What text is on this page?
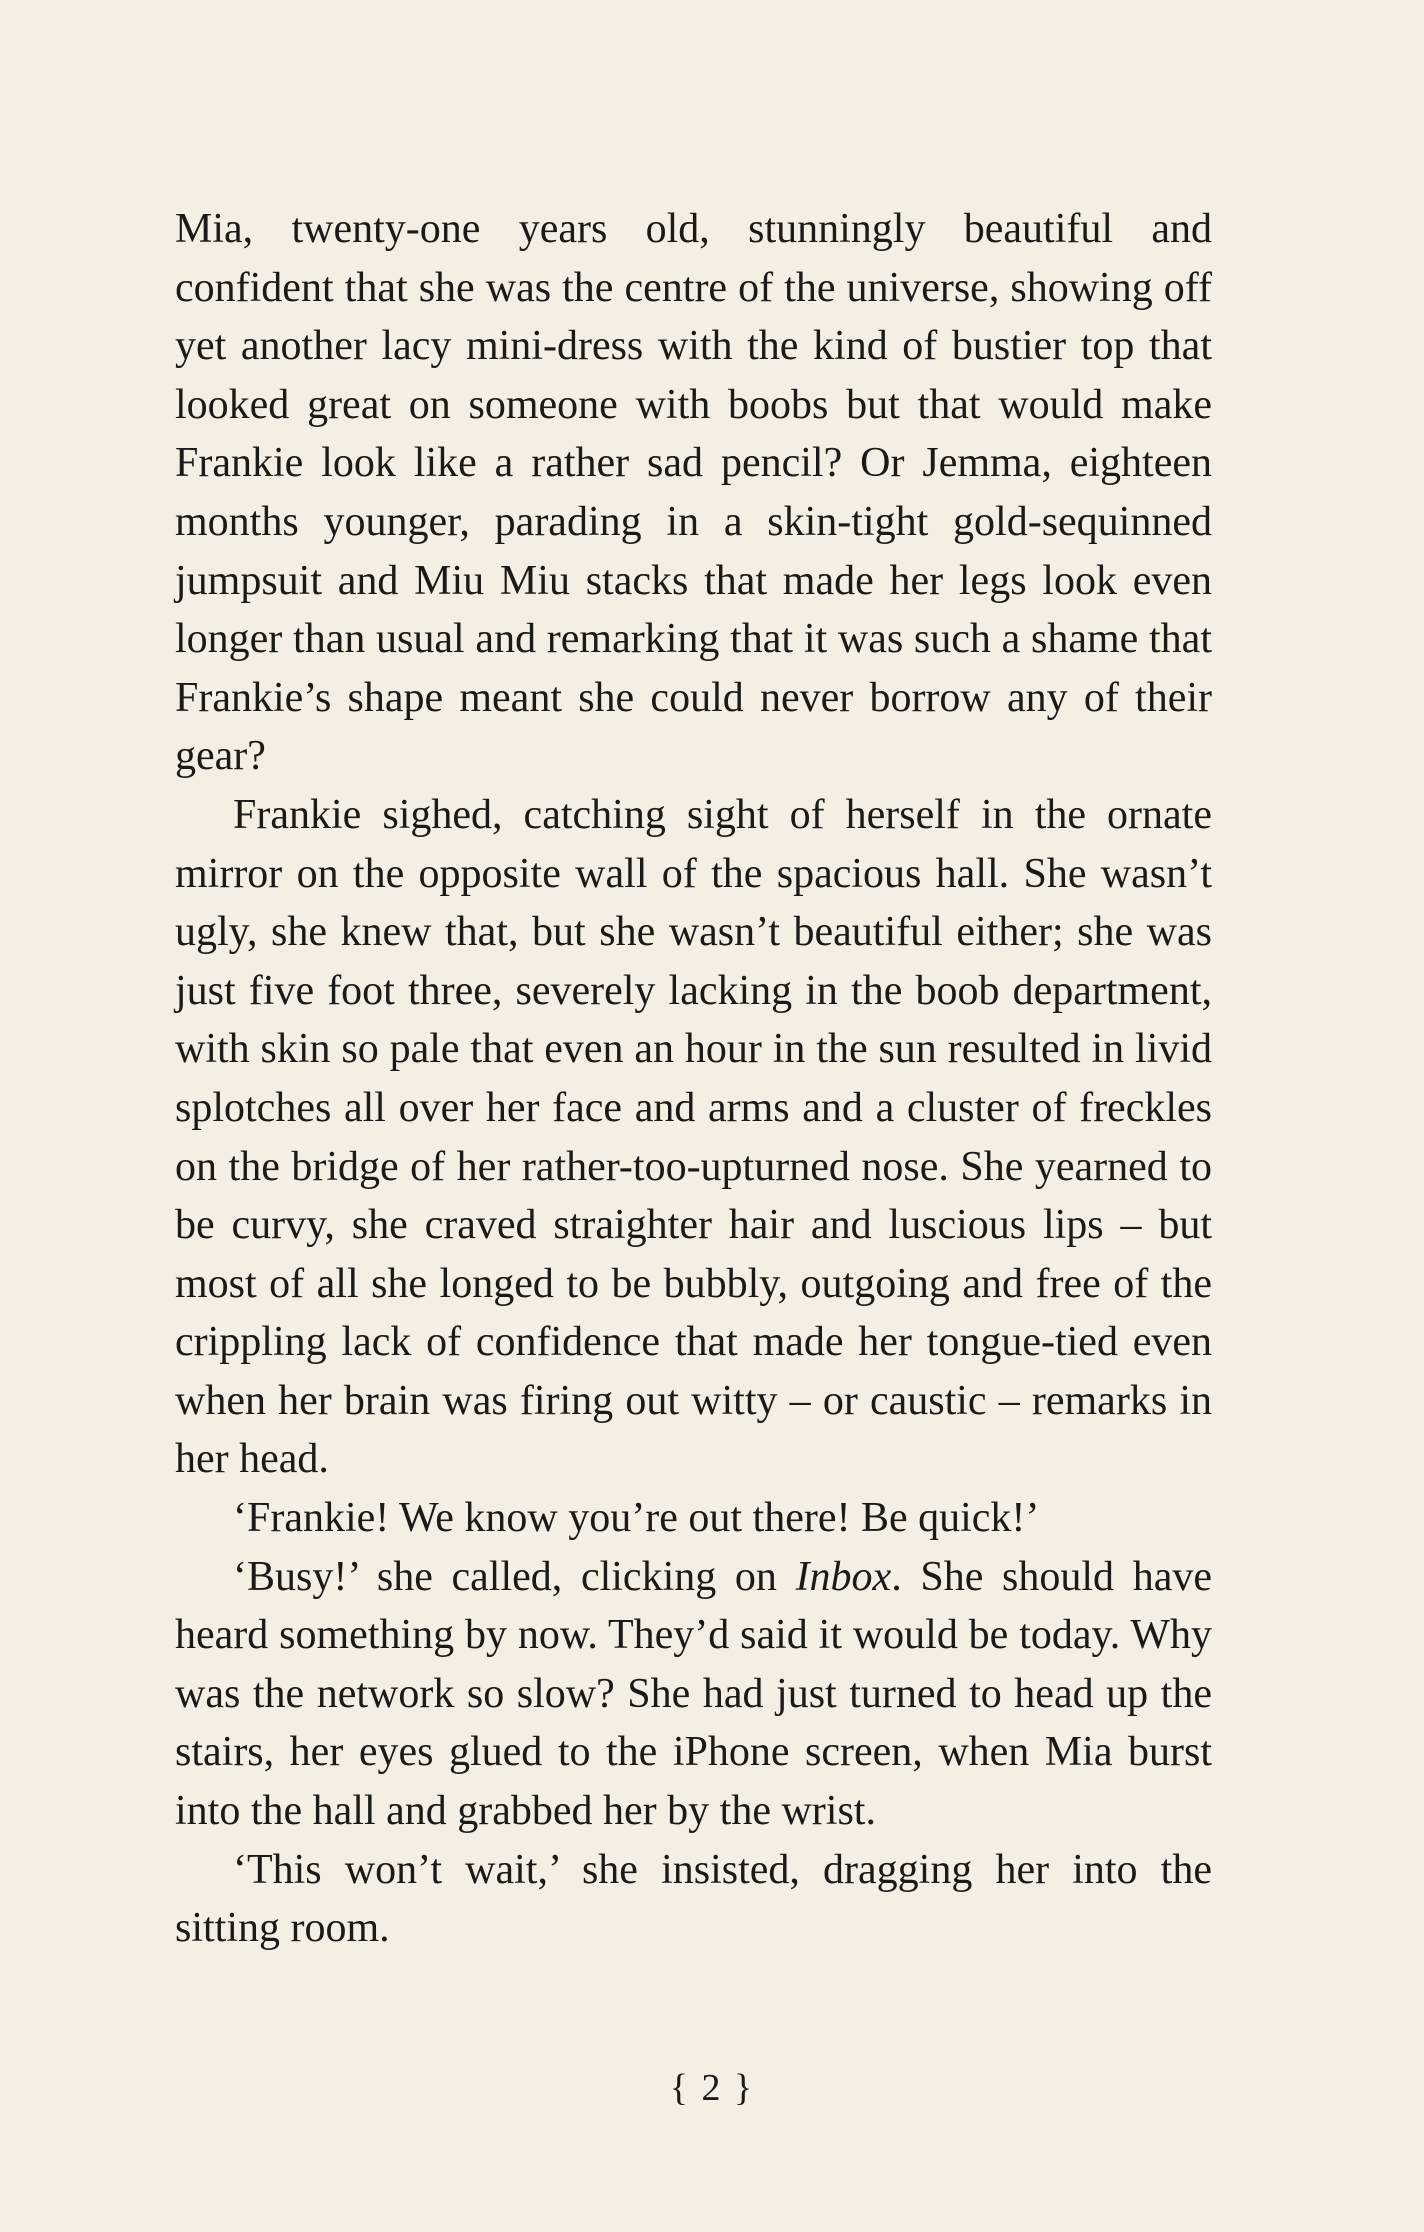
Mia, twenty-one years old, stunningly beautiful and confident that she was the centre of the universe, showing off yet another lacy mini-dress with the kind of bustier top that looked great on someone with boobs but that would make Frankie look like a rather sad pencil? Or Jemma, eighteen months younger, parading in a skin-tight gold-sequinned jumpsuit and Miu Miu stacks that made her legs look even longer than usual and remarking that it was such a shame that Frankie’s shape meant she could never borrow any of their gear?

Frankie sighed, catching sight of herself in the ornate mirror on the opposite wall of the spacious hall. She wasn’t ugly, she knew that, but she wasn’t beautiful either; she was just five foot three, severely lacking in the boob department, with skin so pale that even an hour in the sun resulted in livid splotches all over her face and arms and a cluster of freckles on the bridge of her rather-too-upturned nose. She yearned to be curvy, she craved straighter hair and luscious lips – but most of all she longed to be bubbly, outgoing and free of the crippling lack of confidence that made her tongue-tied even when her brain was firing out witty – or caustic – remarks in her head.

‘Frankie! We know you’re out there! Be quick!’

‘Busy!’ she called, clicking on Inbox. She should have heard something by now. They’d said it would be today. Why was the network so slow? She had just turned to head up the stairs, her eyes glued to the iPhone screen, when Mia burst into the hall and grabbed her by the wrist.

‘This won’t wait,’ she insisted, dragging her into the sitting room.

{ 2 }
